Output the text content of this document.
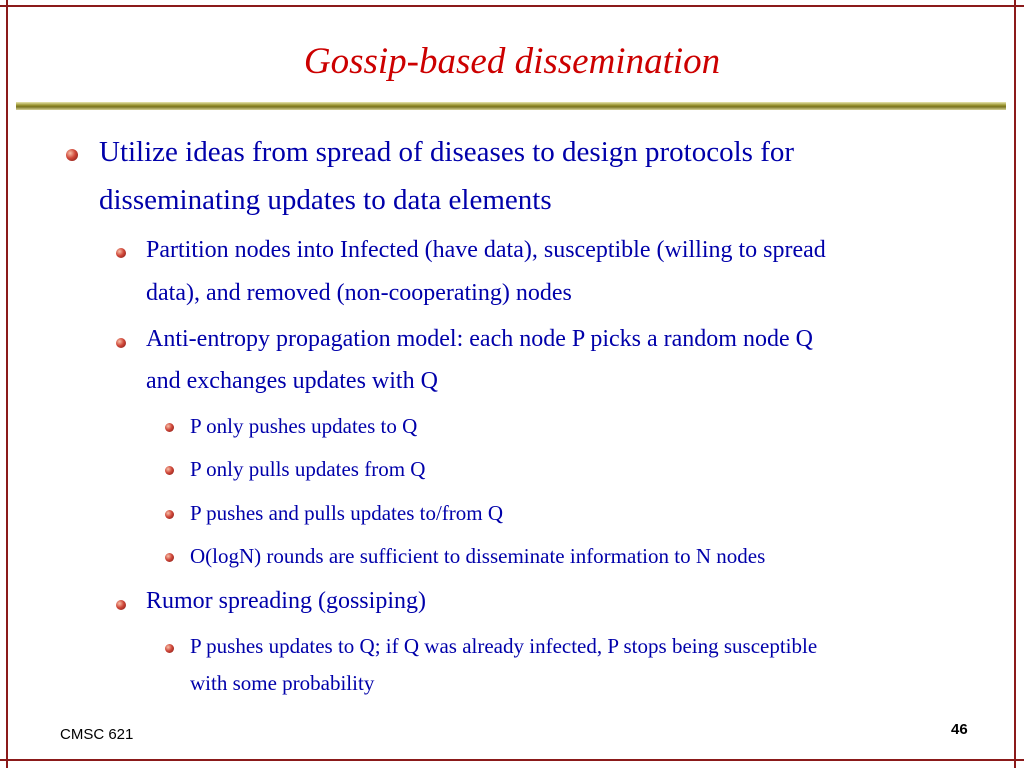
Gossip-based dissemination
Utilize ideas from spread of diseases to design protocols for
disseminating updates to data elements
Partition nodes into Infected (have data), susceptible (willing to spread
data), and removed (non-cooperating) nodes
Anti-entropy propagation model: each node P picks a random node Q
and exchanges updates with Q
P only pushes updates to Q
P only pulls updates from Q
P pushes and pulls updates to/from Q
O(logN) rounds are sufficient to disseminate information to N nodes
Rumor spreading (gossiping)
P pushes updates to Q; if Q was already infected, P stops being susceptible
with some probability
CMSC 621	46
